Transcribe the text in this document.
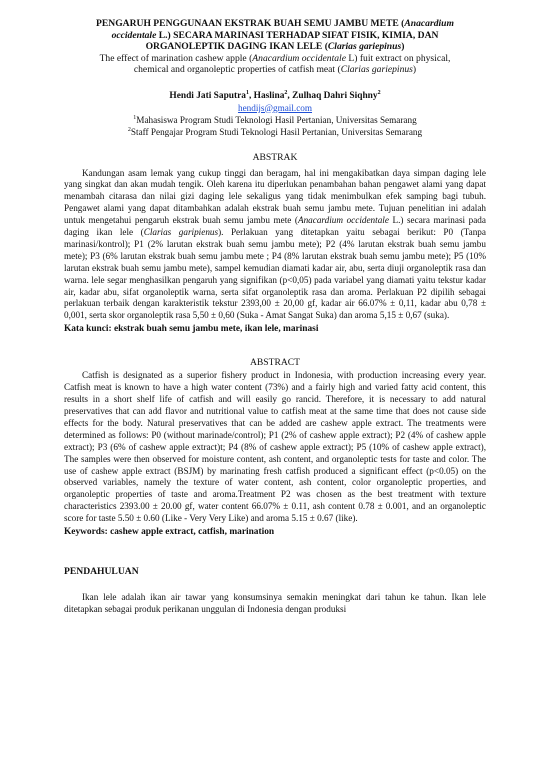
PENGARUH PENGGUNAAN EKSTRAK BUAH SEMU JAMBU METE (Anacardium
occidentale L.) SECARA MARINASI TERHADAP SIFAT FISIK, KIMIA, DAN
ORGANOLEPTIK DAGING IKAN LELE (Clarias gariepinus)
The effect of marination cashew apple (Anacardium occidentale L) fuit extract on physical,
chemical and organoleptic properties of catfish meat (Clarias gariepinus)
Hendi Jati Saputra$^1$, Haslina$^2$, Zulhaq Dahri Siqhny$^2$
hendijs@gmail.com
$^1$Mahasiswa Program Studi Teknologi Hasil Pertanian, Universitas Semarang
$^2$Staff Pengajar Program Studi Teknologi Hasil Pertanian, Universitas Semarang
ABSTRAK

Kandungan asam lemak yang cukup tinggi dan beragam, hal ini mengakibatkan daya simpan daging lele yang singkat dan akan mudah tengik. Oleh karena itu diperlukan penambahan bahan pengawet alami yang dapat menambah citarasa dan nilai gizi daging lele sekaligus yang tidak menimbulkan efek samping bagi tubuh. Pengawet alami yang dapat ditambahkan adalah ekstrak buah semu jambu mete. Tujuan penelitian ini adalah untuk mengetahui pengaruh ekstrak buah semu jambu mete (Anacardium occidentale L.) secara marinasi pada daging ikan lele (Clarias garipienus). Perlakuan yang ditetapkan yaitu sebagai berikut: P0 (Tanpa marinasi/kontrol); P1 (2% larutan ekstrak buah semu jambu mete); P2 (4% larutan ekstrak buah semu jambu mete); P3 (6% larutan ekstrak buah semu jambu mete ; P4 (8% larutan ekstrak buah semu jambu mete); P5 (10% larutan ekstrak buah semu jambu mete), sampel kemudian diamati kadar air, abu, serta diuji organoleptik rasa dan warna. lele segar menghasilkan pengaruh yang signifikan (p<0,05) pada variabel yang diamati yaitu tekstur kadar air, kadar abu, sifat organoleptik warna, serta sifat organoleptik rasa dan aroma. Perlakuan P2 dipilih sebagai perlakuan terbaik dengan karakteristik tekstur 2393,00 ± 20,00 gf, kadar air 66.07% ± 0,11, kadar abu 0,78 ± 0,001, serta skor organoleptik rasa 5,50 ± 0,60 (Suka - Amat Sangat Suka) dan aroma 5,15 ± 0,67 (suka).

Kata kunci: ekstrak buah semu jambu mete, ikan lele, marinasi
ABSTRACT

Catfish is designated as a superior fishery product in Indonesia, with production increasing every year. Catfish meat is known to have a high water content (73%) and a fairly high and varied fatty acid content, this results in a short shelf life of catfish and will easily go rancid. Therefore, it is necessary to add natural preservatives that can add flavor and nutritional value to catfish meat at the same time that does not cause side effects for the body. Natural preservatives that can be added are cashew apple extract. The treatments were determined as follows: P0 (without marinade/control); P1 (2% of cashew apple extract); P2 (4% of cashew apple extract); P3 (6% of cashew apple extract)t; P4 (8% of cashew apple extract); P5 (10% of cashew apple extract), The samples were then observed for moisture content, ash content, and organoleptic tests for taste and color. The use of cashew apple extract (BSJM) by marinating fresh catfish produced a significant effect (p<0.05) on the observed variables, namely the texture of water content, ash content, color organoleptic properties, and organoleptic properties of taste and aroma.Treatment P2 was chosen as the best treatment with texture characteristics 2393.00 ± 20.00 gf, water content 66.07% ± 0.11, ash content 0.78 ± 0.001, and an organoleptic score for taste 5.50 ± 0.60 (Like - Very Very Like) and aroma 5.15 ± 0.67 (like).

Keywords: cashew apple extract, catfish, marination
PENDAHULUAN

Ikan lele adalah ikan air tawar yang konsumsinya semakin meningkat dari tahun ke tahun. Ikan lele ditetapkan sebagai produk perikanan unggulan di Indonesia dengan produksi
